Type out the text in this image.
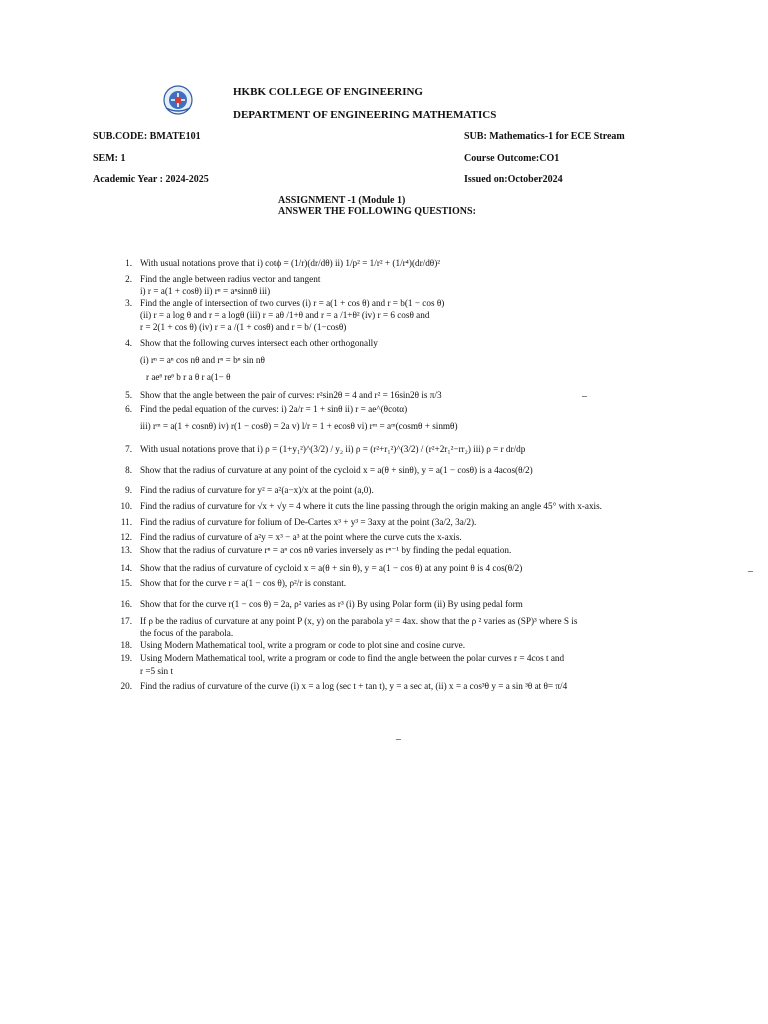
HKBK COLLEGE OF ENGINEERING
DEPARTMENT OF ENGINEERING MATHEMATICS
SUB.CODE: BMATE101	SUB: Mathematics-1 for ECE Stream
SEM: 1	Course Outcome:CO1
Academic Year : 2024-2025	Issued on:October2024
ASSIGNMENT -1 (Module 1)
ANSWER THE FOLLOWING QUESTIONS:
1. With usual notations prove that i) cotϕ = (1/r)(dr/dθ) ii) 1/p² = 1/r² + (1/r⁴)(dr/dθ)²
2. Find the angle between radius vector and tangent
i) r = a(1 + cosθ) ii) rⁿ = aⁿsinnθ iii)
3. Find the angle of intersection of two curves (i) r = a(1 + cos θ) and r = b(1 − cos θ)
(ii) r = a log θ and r = a logθ (iii) r = aθ /1+θ and r = a /1+θ² (iv) r = 6 cosθ and
r = 2(1 + cos θ) (iv) r = a /(1 + cosθ) and r = b/ (1−cosθ)
4. Show that the following curves intersect each other orthogonally
(i) rⁿ = aⁿ cos nθ and rⁿ = bⁿ sin nθ
r aeᶿ reᶿ b r a θ r a(1− θ
5. Show that the angle between the pair of curves: r²sin2θ = 4 and r² = 16sin2θ is π/3
6. Find the pedal equation of the curves: i) 2a/r = 1 + sinθ ii) r = ae^(θcotα)
iii) rᵐ = a(1 + cosnθ) iv) r(1 − cosθ) = 2a v) l/r = 1 + ecosθ vi) rᵐ = aᵐ(cosmθ + sinmθ)
7. With usual notations prove that i) ρ = (1+y₁²)^(3/2) / y₂ ii) ρ = (r²+r₁²)^(3/2) / (r²+2r₁²−rr₂) iii) ρ = r dr/dp
8. Show that the radius of curvature at any point of the cycloid x = a(θ + sinθ), y = a(1 − cosθ) is a 4acos(θ/2)
9. Find the radius of curvature for y² = a²(a−x)/x at the point (a,0).
10. Find the radius of curvature for √x + √y = 4 where it cuts the line passing through the origin making an angle 45° with x-axis.
11. Find the radius of curvature for folium of De-Cartes x³ + y³ = 3axy at the point (3a/2, 3a/2).
12. Find the radius of curvature of a²y = x³ − a³ at the point where the curve cuts the x-axis.
13. Show that the radius of curvature rⁿ = aⁿ cos nθ varies inversely as rⁿ⁻¹ by finding the pedal equation.
14. Show that the radius of curvature of cycloid x = a(θ + sin θ), y = a(1 − cos θ) at any point θ is 4 cos(θ/2)
15. Show that for the curve r = a(1 − cos θ), ρ²/r is constant.
16. Show that for the curve r(1 − cos θ) = 2a, ρ² varies as r³ (i) By using Polar form (ii) By using pedal form
17. If ρ be the radius of curvature at any point P (x, y) on the parabola y² = 4ax. show that the ρ ² varies as (SP)³ where S is
the focus of the parabola.
18. Using Modern Mathematical tool, write a program or code to plot sine and cosine curve.
19. Using Modern Mathematical tool, write a program or code to find the angle between the polar curves r = 4cos t and
r =5 sin t
20. Find the radius of curvature of the curve (i) x = a log (sec t + tan t), y = a sec at, (ii) x = a cos³θ y = a sin ³θ at θ= π/4
_
_
_
